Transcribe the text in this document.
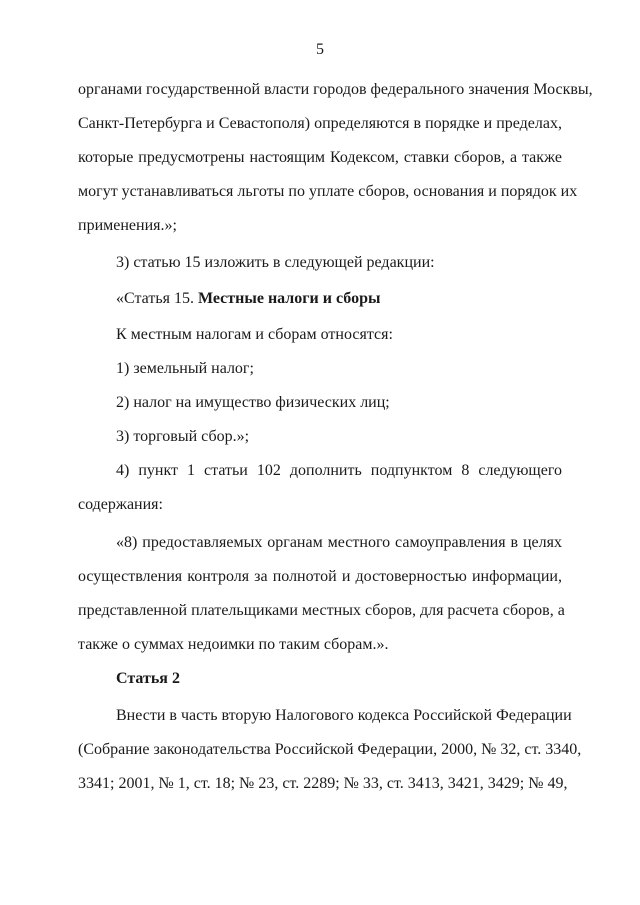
5
органами государственной власти городов федерального значения Москвы,
Санкт-Петербурга и Севастополя) определяются в порядке и пределах,
которые предусмотрены настоящим Кодексом, ставки сборов, а также
могут устанавливаться льготы по уплате сборов, основания и порядок их
применения.»;
3) статью 15 изложить в следующей редакции:
«Статья 15. Местные налоги и сборы
К местным налогам и сборам относятся:
1) земельный налог;
2) налог на имущество физических лиц;
3) торговый сбор.»;
4) пункт 1 статьи 102 дополнить подпунктом 8 следующего
содержания:
«8) предоставляемых органам местного самоуправления в целях
осуществления контроля за полнотой и достоверностью информации,
представленной плательщиками местных сборов, для расчета сборов, а
также о суммах недоимки по таким сборам.».
Статья 2
Внести в часть вторую Налогового кодекса Российской Федерации
(Собрание законодательства Российской Федерации, 2000, № 32, ст. 3340,
3341; 2001, № 1, ст. 18; № 23, ст. 2289; № 33, ст. 3413, 3421, 3429; № 49,
